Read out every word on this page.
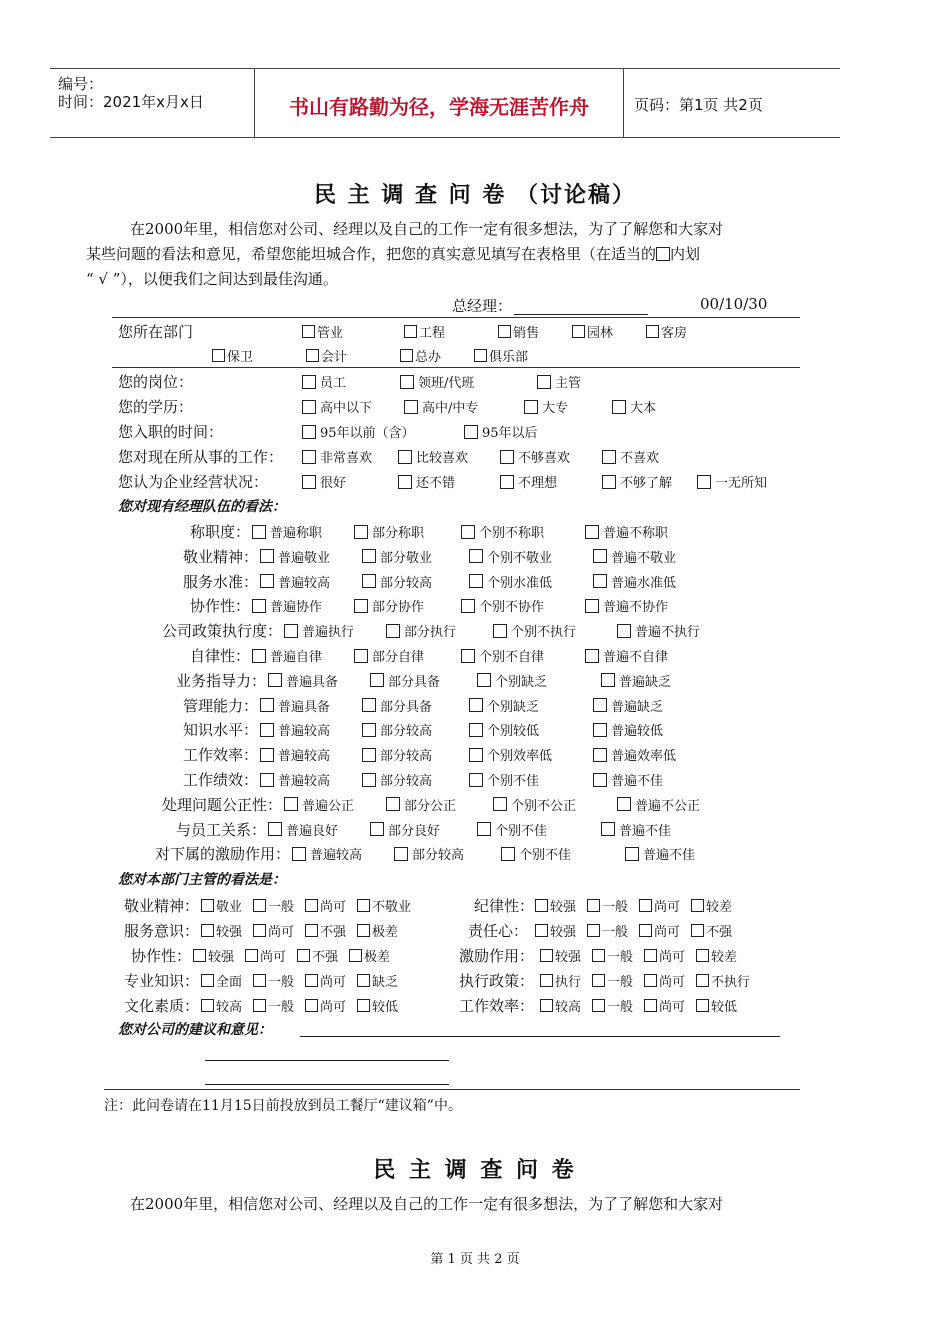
编号：
时间：2021年x月x日	书山有路勤为径，学海无涯苦作舟	页码：第1页 共2页
民 主 调 查 问 卷 （讨论稿）
在2000年里，相信您对公司、经理以及自己的工作一定有很多想法，为了了解您和大家对
某些问题的看法和意见，希望您能坦城合作，把您的真实意见填写在表格里（在适当的 内划
“ √ ”），以便我们之间达到最佳沟通。
总经理：	00/10/30
您所在部门	管业	工程	销售	园林	客房
保卫	会计	总办	俱乐部
您的岗位：	员工	领班/代班	主管
您的学历：	高中以下	高中/中专	大专	大本
您入职的时间：	95年以前（含）	95年以后
您对现在所从事的工作：	非常喜欢	比较喜欢	不够喜欢	不喜欢
您认为企业经营状况：	很好	还不错	不理想	不够了解	一无所知
您对现有经理队伍的看法：
称职度： 普遍称职	部分称职	个别不称职	普遍不称职
敬业精神： 普遍敬业	部分敬业	个别不敬业	普遍不敬业
服务水准： 普遍较高	部分较高	个别水准低	普遍水准低
协作性： 普遍协作	部分协作	个别不协作	普遍不协作
公司政策执行度： 普遍执行	部分执行	个别不执行	普遍不执行
自律性： 普遍自律	部分自律	个别不自律	普遍不自律
业务指导力： 普遍具备	部分具备	个别缺乏	普遍缺乏
管理能力： 普遍具备	部分具备	个别缺乏	普遍缺乏
知识水平： 普遍较高	部分较高	个别较低	普遍较低
工作效率： 普遍较高	部分较高	个别效率低	普遍效率低
工作绩效： 普遍较高	部分较高	个别不佳	普遍不佳
处理问题公正性： 普遍公正	部分公正	个别不公正	普遍不公正
与员工关系： 普遍良好	部分良好	个别不佳	普遍不佳
对下属的激励作用： 普遍较高	部分较高	个别不佳	普遍不佳
您对本部门主管的看法是：
敬业精神： 敬业 一般 尚可 不敬业	纪律性： 较强 一般 尚可 较差
服务意识： 较强 尚可 不强 极差	责任心： 较强 一般 尚可 不强
协作性： 较强 尚可 不强 极差	激励作用： 较强 一般 尚可 较差
专业知识： 全面 一般 尚可 缺乏	执行政策： 执行 一般 尚可 不执行
文化素质： 较高 一般 尚可 较低	工作效率： 较高 一般 尚可 较低
您对公司的建议和意见：
注：此问卷请在11月15日前投放到员工餐厅“建议箱”中。
民 主 调 查 问 卷
在2000年里，相信您对公司、经理以及自己的工作一定有很多想法，为了了解您和大家对
第 1 页 共 2 页
